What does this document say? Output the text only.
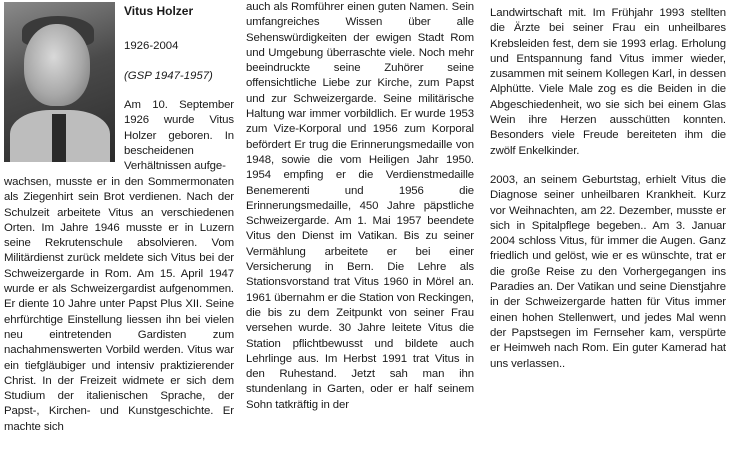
Vitus Holzer
1926-2004
(GSP 1947-1957)

Am 10. September 1926 wurde Vitus Holzer geboren. In bescheidenen Verhältnissen aufge-

wachsen, musste er in den Sommermonaten als Ziegenhirt sein Brot verdienen. Nach der Schulzeit arbeitete Vitus an verschiedenen Orten. Im Jahre 1946 musste er in Luzern seine Rekrutenschule absolvieren. Vom Militärdienst zurück meldete sich Vitus bei der Schweizergarde in Rom. Am 15. April 1947 wurde er als Schweizergardist aufgenommen. Er diente 10 Jahre unter Papst Plus XII. Seine ehrfürchtige Einstellung liessen ihn bei vielen neu eintretenden Gardisten zum nachahmenswerten Vorbild werden. Vitus war ein tiefgläubiger und intensiv praktizierender Christ. In der Freizeit widmete er sich dem Studium der italienischen Sprache, der Papst-, Kirchen- und Kunstgeschichte. Er machte sich

auch als Romführer einen guten Namen. Sein umfangreiches Wissen über alle Sehenswürdigkeiten der ewigen Stadt Rom und Umgebung überraschte viele. Noch mehr beeindruckte seine Zuhörer seine offensichtliche Liebe zur Kirche, zum Papst und zur Schweizergarde. Seine militärische Haltung war immer vorbildlich. Er wurde 1953 zum Vize-Korporal und 1956 zum Korporal befördert Er trug die Erinnerungsmedaille von 1948, sowie die vom Heiligen Jahr 1950. 1954 empfing er die Verdienstmedaille Benemerenti und 1956 die Erinnerungsmedaille, 450 Jahre päpstliche Schweizergarde. Am 1. Mai 1957 beendete Vitus den Dienst im Vatikan. Bis zu seiner Vermählung arbeitete er bei einer Versicherung in Bern. Die Lehre als Stationsvorstand trat Vitus 1960 in Mörel an. 1961 übernahm er die Station von Reckingen, die bis zu dem Zeitpunkt von seiner Frau versehen wurde. 30 Jahre leitete Vitus die Station pflichtbewusst und bildete auch Lehrlinge aus. Im Herbst 1991 trat Vitus in den Ruhestand. Jetzt sah man ihn stundenlang in Garten, oder er half seinem Sohn tatkräftig in der

Landwirtschaft mit. Im Frühjahr 1993 stellten die Ärzte bei seiner Frau ein unheilbares Krebsleiden fest, dem sie 1993 erlag. Erholung und Entspannung fand Vitus immer wieder, zusammen mit seinem Kollegen Karl, in dessen Alphütte. Viele Male zog es die Beiden in die Abgeschiedenheit, wo sie sich bei einem Glas Wein ihre Herzen ausschütten konnten. Besonders viele Freude bereiteten ihm die zwölf Enkelkinder.

2003, an seinem Geburtstag, erhielt Vitus die Diagnose seiner unheilbaren Krankheit. Kurz vor Weihnachten, am 22. Dezember, musste er sich in Spitalpflege begeben.. Am 3. Januar 2004 schloss Vitus, für immer die Augen. Ganz friedlich und gelöst, wie er es wünschte, trat er die große Reise zu den Vorhergegangen ins Paradies an. Der Vatikan und seine Dienstjahre in der Schweizergarde hatten für Vitus immer einen hohen Stellenwert, und jedes Mal wenn der Papstsegen im Fernseher kam, verspürte er Heimweh nach Rom. Ein guter Kamerad hat uns verlassen..
